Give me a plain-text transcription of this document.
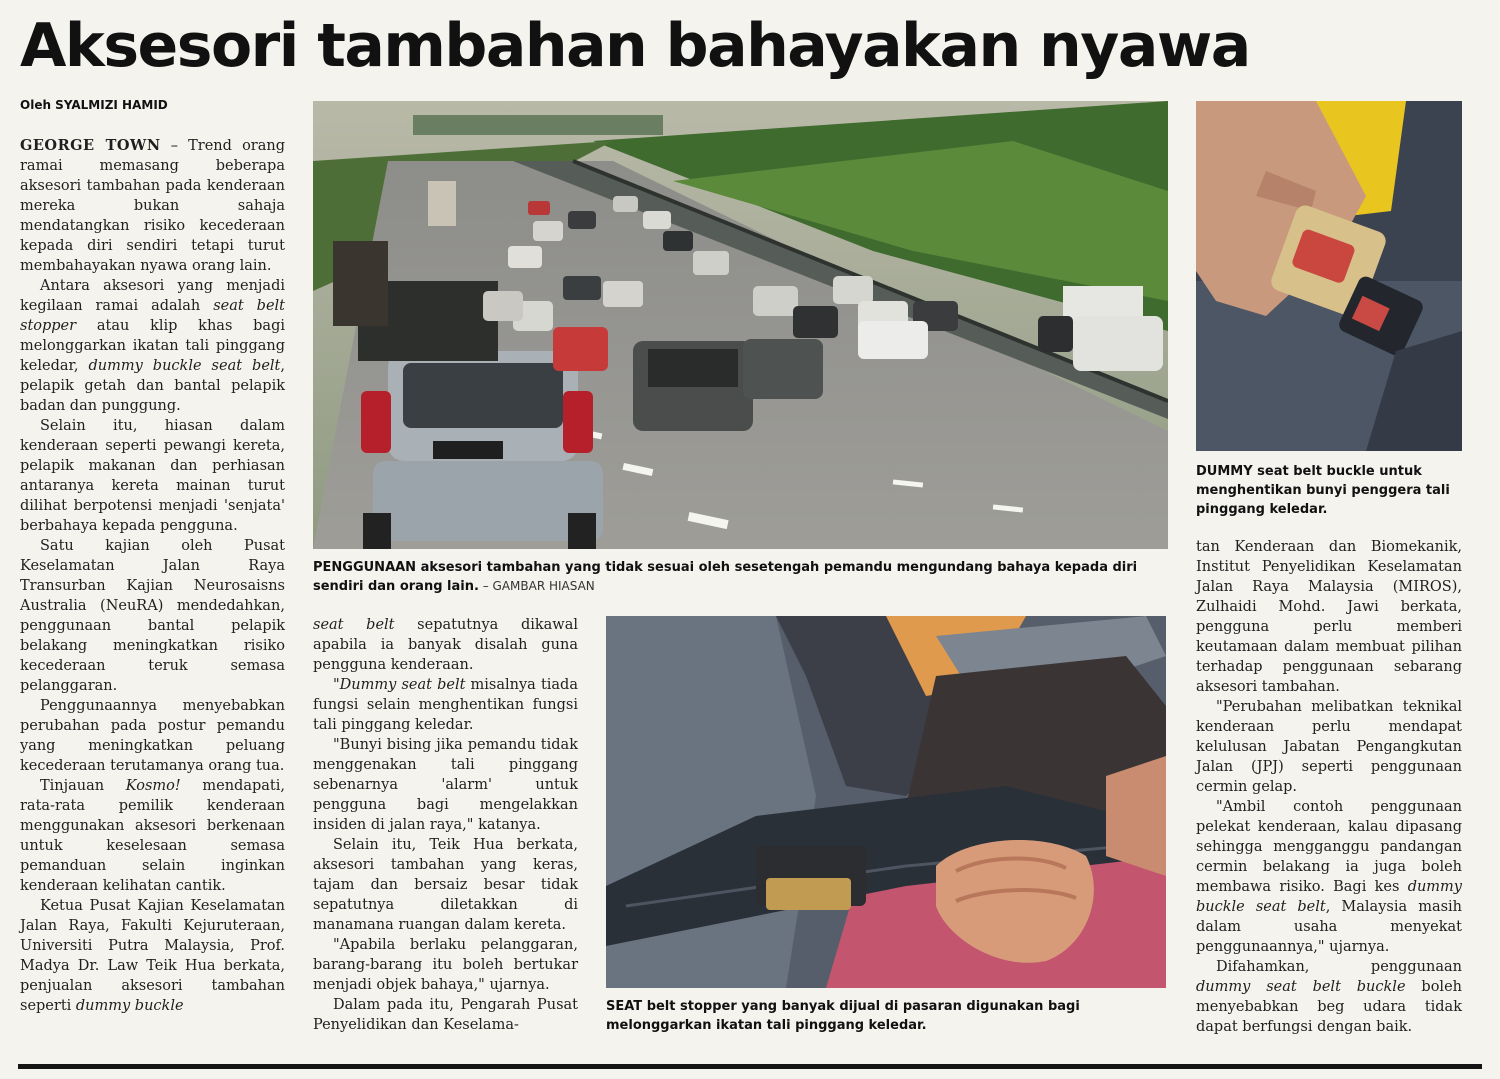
Aksesori tambahan bahayakan nyawa
Oleh SYALMIZI HAMID

GEORGE TOWN – Trend orang ramai memasang beberapa aksesori tambahan pada kenderaan mereka bukan sahaja mendatangkan risiko kecederaan kepada diri sendiri tetapi turut membahayakan nyawa orang lain.

Antara aksesori yang menjadi kegilaan ramai adalah seat belt stopper atau klip khas bagi melonggarkan ikatan tali pinggang keledar, dummy buckle seat belt, pelapik getah dan bantal pelapik badan dan punggung.

Selain itu, hiasan dalam kenderaan seperti pewangi kereta, pelapik makanan dan perhiasan antaranya kereta mainan turut dilihat berpotensi menjadi 'senjata' berbahaya kepada pengguna.

Satu kajian oleh Pusat Keselamatan Jalan Raya Transurban Kajian Neurosaisns Australia (NeuRA) mendedahkan, penggunaan bantal pelapik belakang meningkatkan risiko kecederaan teruk semasa pelanggaran.

Penggunaannya menyebabkan perubahan pada postur pemandu yang meningkatkan peluang kecederaan terutamanya orang tua.

Tinjauan Kosmo! mendapati, rata-rata pemilik kenderaan menggunakan aksesori berkenaan untuk keselesaan semasa pemanduan selain inginkan kenderaan kelihatan cantik.

Ketua Pusat Kajian Keselamatan Jalan Raya, Fakulti Kejuruteraan, Universiti Putra Malaysia, Prof. Madya Dr. Law Teik Hua berkata, penjualan aksesori tambahan seperti dummy buckle

PENGGUNAAN aksesori tambahan yang tidak sesuai oleh sesetengah pemandu mengundang bahaya kepada diri sendiri dan orang lain. – GAMBAR HIASAN
DUMMY seat belt buckle untuk menghentikan bunyi penggera tali pinggang keledar.
SEAT belt stopper yang banyak dijual di pasaran digunakan bagi melonggarkan ikatan tali pinggang keledar.

seat belt sepatutnya dikawal apabila ia banyak disalah guna pengguna kenderaan.

"Dummy seat belt misalnya tiada fungsi selain menghentikan fungsi tali pinggang keledar.

"Bunyi bising jika pemandu tidak menggenakan tali pinggang sebenarnya 'alarm' untuk pengguna bagi mengelakkan insiden di jalan raya," katanya.

Selain itu, Teik Hua berkata, aksesori tambahan yang keras, tajam dan bersaiz besar tidak sepatutnya diletakkan di manamana ruangan dalam kereta.

"Apabila berlaku pelanggaran, barang-barang itu boleh bertukar menjadi objek bahaya," ujarnya.

Dalam pada itu, Pengarah Pusat Penyelidikan dan Keselama-

tan Kenderaan dan Biomekanik, Institut Penyelidikan Keselamatan Jalan Raya Malaysia (MIROS), Zulhaidi Mohd. Jawi berkata, pengguna perlu memberi keutamaan dalam membuat pilihan terhadap penggunaan sebarang aksesori tambahan.

"Perubahan melibatkan teknikal kenderaan perlu mendapat kelulusan Jabatan Pengangkutan Jalan (JPJ) seperti penggunaan cermin gelap.

"Ambil contoh penggunaan pelekat kenderaan, kalau dipasang sehingga mengganggu pandangan cermin belakang ia juga boleh membawa risiko. Bagi kes dummy buckle seat belt, Malaysia masih dalam usaha menyekat penggunaannya," ujarnya.

Difahamkan, penggunaan dummy seat belt buckle boleh menyebabkan beg udara tidak dapat berfungsi dengan baik.
